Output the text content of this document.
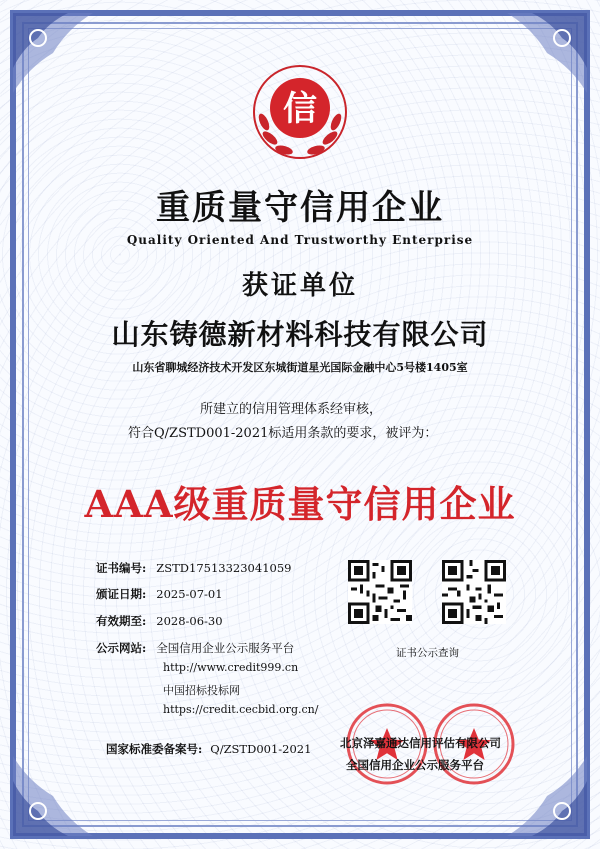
信
重质量守信用企业
Quality Oriented And Trustworthy Enterprise
获证单位
山东铸德新材料科技有限公司
山东省聊城经济技术开发区东城街道星光国际金融中心5号楼1405室
所建立的信用管理体系经审核，
符合Q/ZSTD001-2021标适用条款的要求，被评为：
AAA级重质量守信用企业
证书编号: ZSTD17513323041059
颁证日期: 2025-07-01
有效期至: 2028-06-30
公示网站: 全国信用企业公示服务平台
http://www.credit999.cn
中国招标投标网
https://credit.cecbid.org.cn/
国家标准委备案号: Q/ZSTD001-2021
证书公示查询
北京泽嘉通达信用评估有限公司
全国信用企业公示服务平台
